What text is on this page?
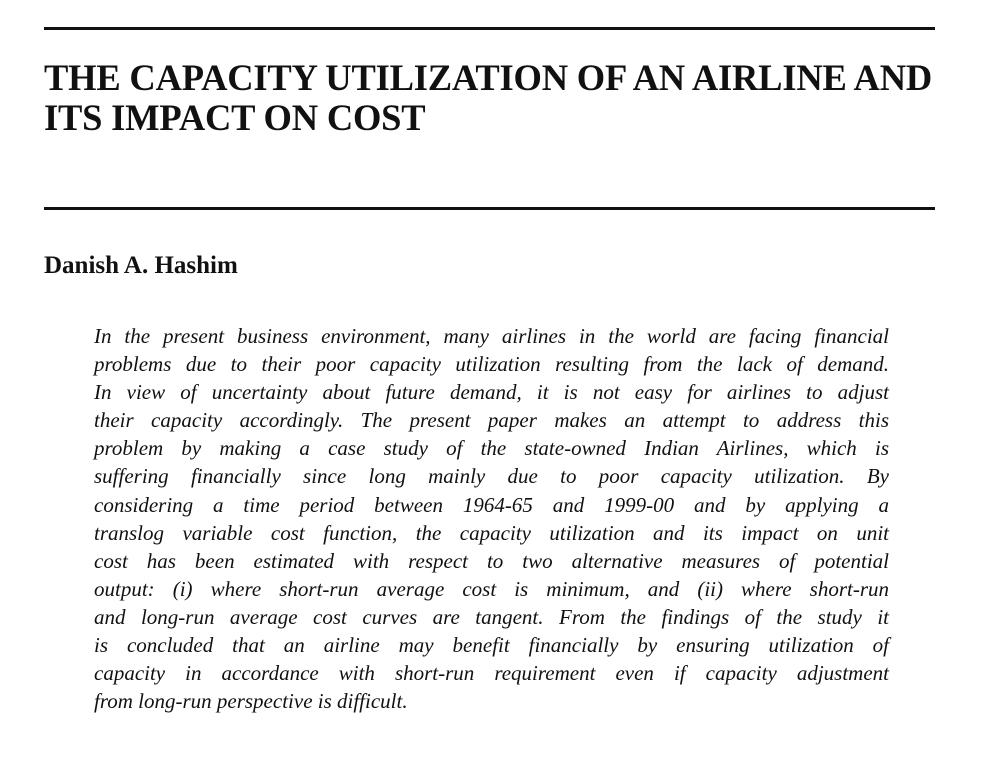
THE CAPACITY UTILIZATION OF AN AIRLINE AND
ITS IMPACT ON COST
Danish A. Hashim
In the present business environment, many airlines in the world are facing financial
problems due to their poor capacity utilization resulting from the lack of demand.
In view of uncertainty about future demand, it is not easy for airlines to adjust
their capacity accordingly. The present paper makes an attempt to address this
problem by making a case study of the state-owned Indian Airlines, which is
suffering financially since long mainly due to poor capacity utilization. By
considering a time period between 1964-65 and 1999-00 and by applying a
translog variable cost function, the capacity utilization and its impact on unit
cost has been estimated with respect to two alternative measures of potential
output: (i) where short-run average cost is minimum, and (ii) where short-run
and long-run average cost curves are tangent. From the findings of the study it
is concluded that an airline may benefit financially by ensuring utilization of
capacity in accordance with short-run requirement even if capacity adjustment
from long-run perspective is difficult.
